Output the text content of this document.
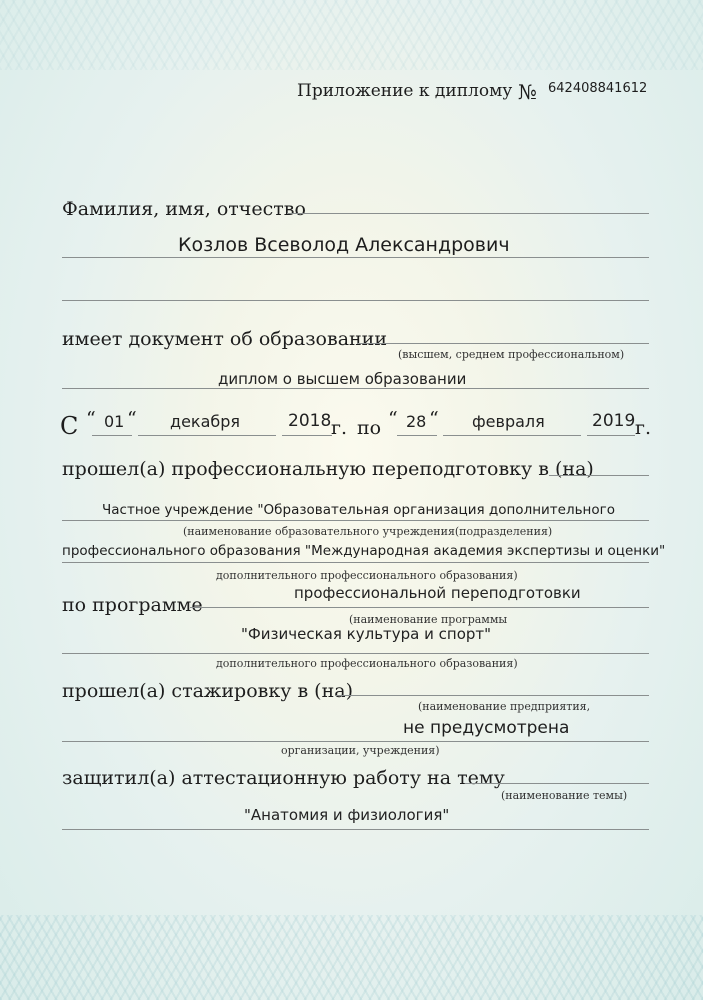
Приложение к диплому № 642408841612
Фамилия, имя, отчество
Козлов Всеволод Александрович
имеет документ об образовании
(высшем, среднем профессиональном)
диплом о высшем образовании
С “ 01 “ декабря	2018 г. по “ 28 “ февраля	2019 г.
прошел(а) профессиональную переподготовку в (на)
Частное учреждение "Образовательная организация дополнительного
(наименование образовательного учреждения(подразделения)
профессионального образования "Международная академия экспертизы и оценки"
дополнительного профессионального образования)
по программе
профессиональной переподготовки
(наименование программы
"Физическая культура и спорт"
дополнительного профессионального образования)
прошел(а) стажировку в (на)
(наименование предприятия,
не предусмотрена
организации, учреждения)
защитил(а) аттестационную работу на тему
(наименование темы)
"Анатомия и физиология"
